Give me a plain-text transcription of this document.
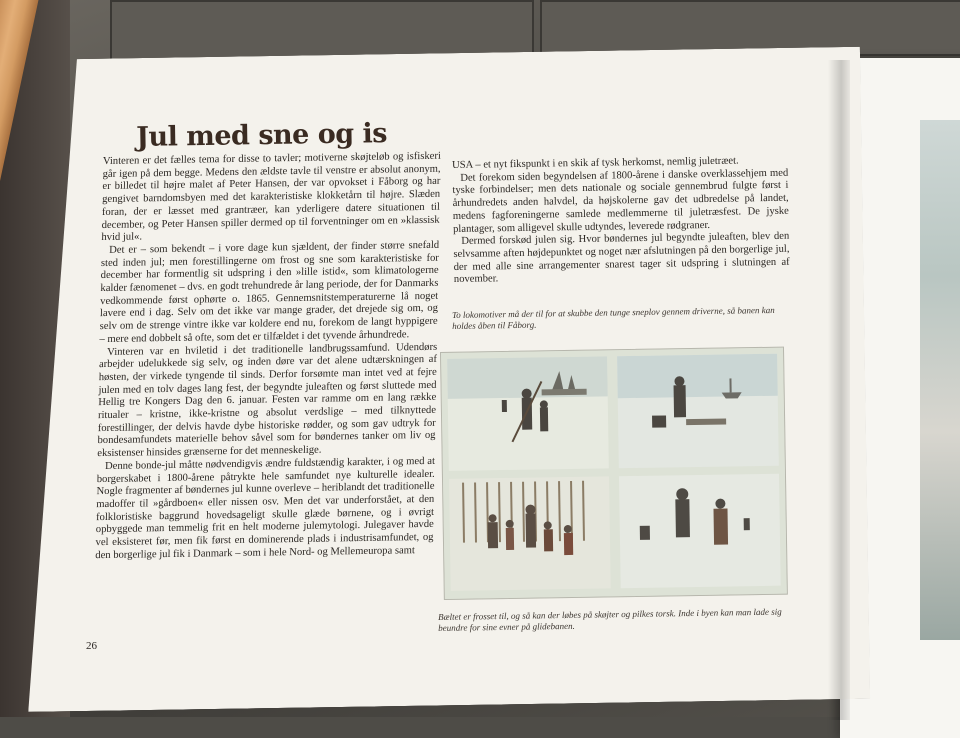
Jul med sne og is

Vinteren er det fælles tema for disse to tavler; motiverne skøjteløb og isfiskeri går igen på dem begge. Medens den ældste tavle til venstre er absolut anonym, er billedet til højre malet af Peter Hansen, der var opvokset i Fåborg og har gengivet barndomsbyen med det karakteristiske klokketårn til højre. Slæden foran, der er læsset med grantræer, kan yderligere datere situationen til december, og Peter Hansen spiller dermed op til forventninger om en »klassisk hvid jul«.

Det er – som bekendt – i vore dage kun sjældent, der finder større snefald sted inden jul; men forestillingerne om frost og sne som karakteristiske for december har formentlig sit udspring i den »lille istid«, som klimatologerne kalder fænomenet – dvs. en godt trehundrede år lang periode, der for Danmarks vedkommende først ophørte o. 1865. Gennemsnitstemperaturerne lå noget lavere end i dag. Selv om det ikke var mange grader, det drejede sig om, og selv om de strenge vintre ikke var koldere end nu, forekom de langt hyppigere – mere end dobbelt så ofte, som det er tilfældet i det tyvende århundrede.

Vinteren var en hviletid i det traditionelle landbrugssamfund. Udendørs arbejder udelukkede sig selv, og inden døre var det alene udtærskningen af høsten, der virkede tyngende til sinds. Derfor forsømte man intet ved at fejre julen med en tolv dages lang fest, der begyndte juleaften og først sluttede med Hellig tre Kongers Dag den 6. januar. Festen var ramme om en lang række ritualer – kristne, ikke-kristne og absolut verdslige – med tilknyttede forestillinger, der delvis havde dybe historiske rødder, og som gav udtryk for bondesamfundets materielle behov såvel som for bøndernes tanker om liv og eksistenser hinsides grænserne for det menneskelige.

Denne bonde-jul måtte nødvendigvis ændre fuldstændig karakter, i og med at borgerskabet i 1800-årene påtrykte hele samfundet nye kulturelle idealer. Nogle fragmenter af bøndernes jul kunne overleve – heriblandt det traditionelle madoffer til »gårdboen« eller nissen osv. Men det var underforstået, at den folkloristiske baggrund hovedsageligt skulle glæde børnene, og i øvrigt opbyggede man temmelig frit en helt moderne julemytologi. Julegaver havde vel eksisteret før, men fik først en dominerende plads i industrisamfundet, og den borgerlige jul fik i Danmark – som i hele Nord- og Mellemeuropa samt

USA – et nyt fikspunkt i en skik af tysk herkomst, nemlig juletræet.

Det forekom siden begyndelsen af 1800-årene i danske overklassehjem med tyske forbindelser; men dets nationale og sociale gennembrud fulgte først i århundredets anden halvdel, da højskolerne gav det udbredelse på landet, medens fagforeningerne samlede medlemmerne til juletræsfest. De jyske plantager, som alligevel skulle udtyndes, leverede rødgraner.

Dermed forskød julen sig. Hvor bøndernes jul begyndte juleaften, blev den selvsamme aften højdepunktet og noget nær afslutningen på den borgerlige jul, der med alle sine arrangementer snarest tager sit udspring i slutningen af november.

To lokomotiver må der til for at skubbe den tunge sneplov gennem driverne, så banen kan holdes åben til Fåborg.
Bæltet er frosset til, og så kan der løbes på skøjter og pilkes torsk. Inde i byen kan man lade sig beundre for sine evner på glidebanen.
26
